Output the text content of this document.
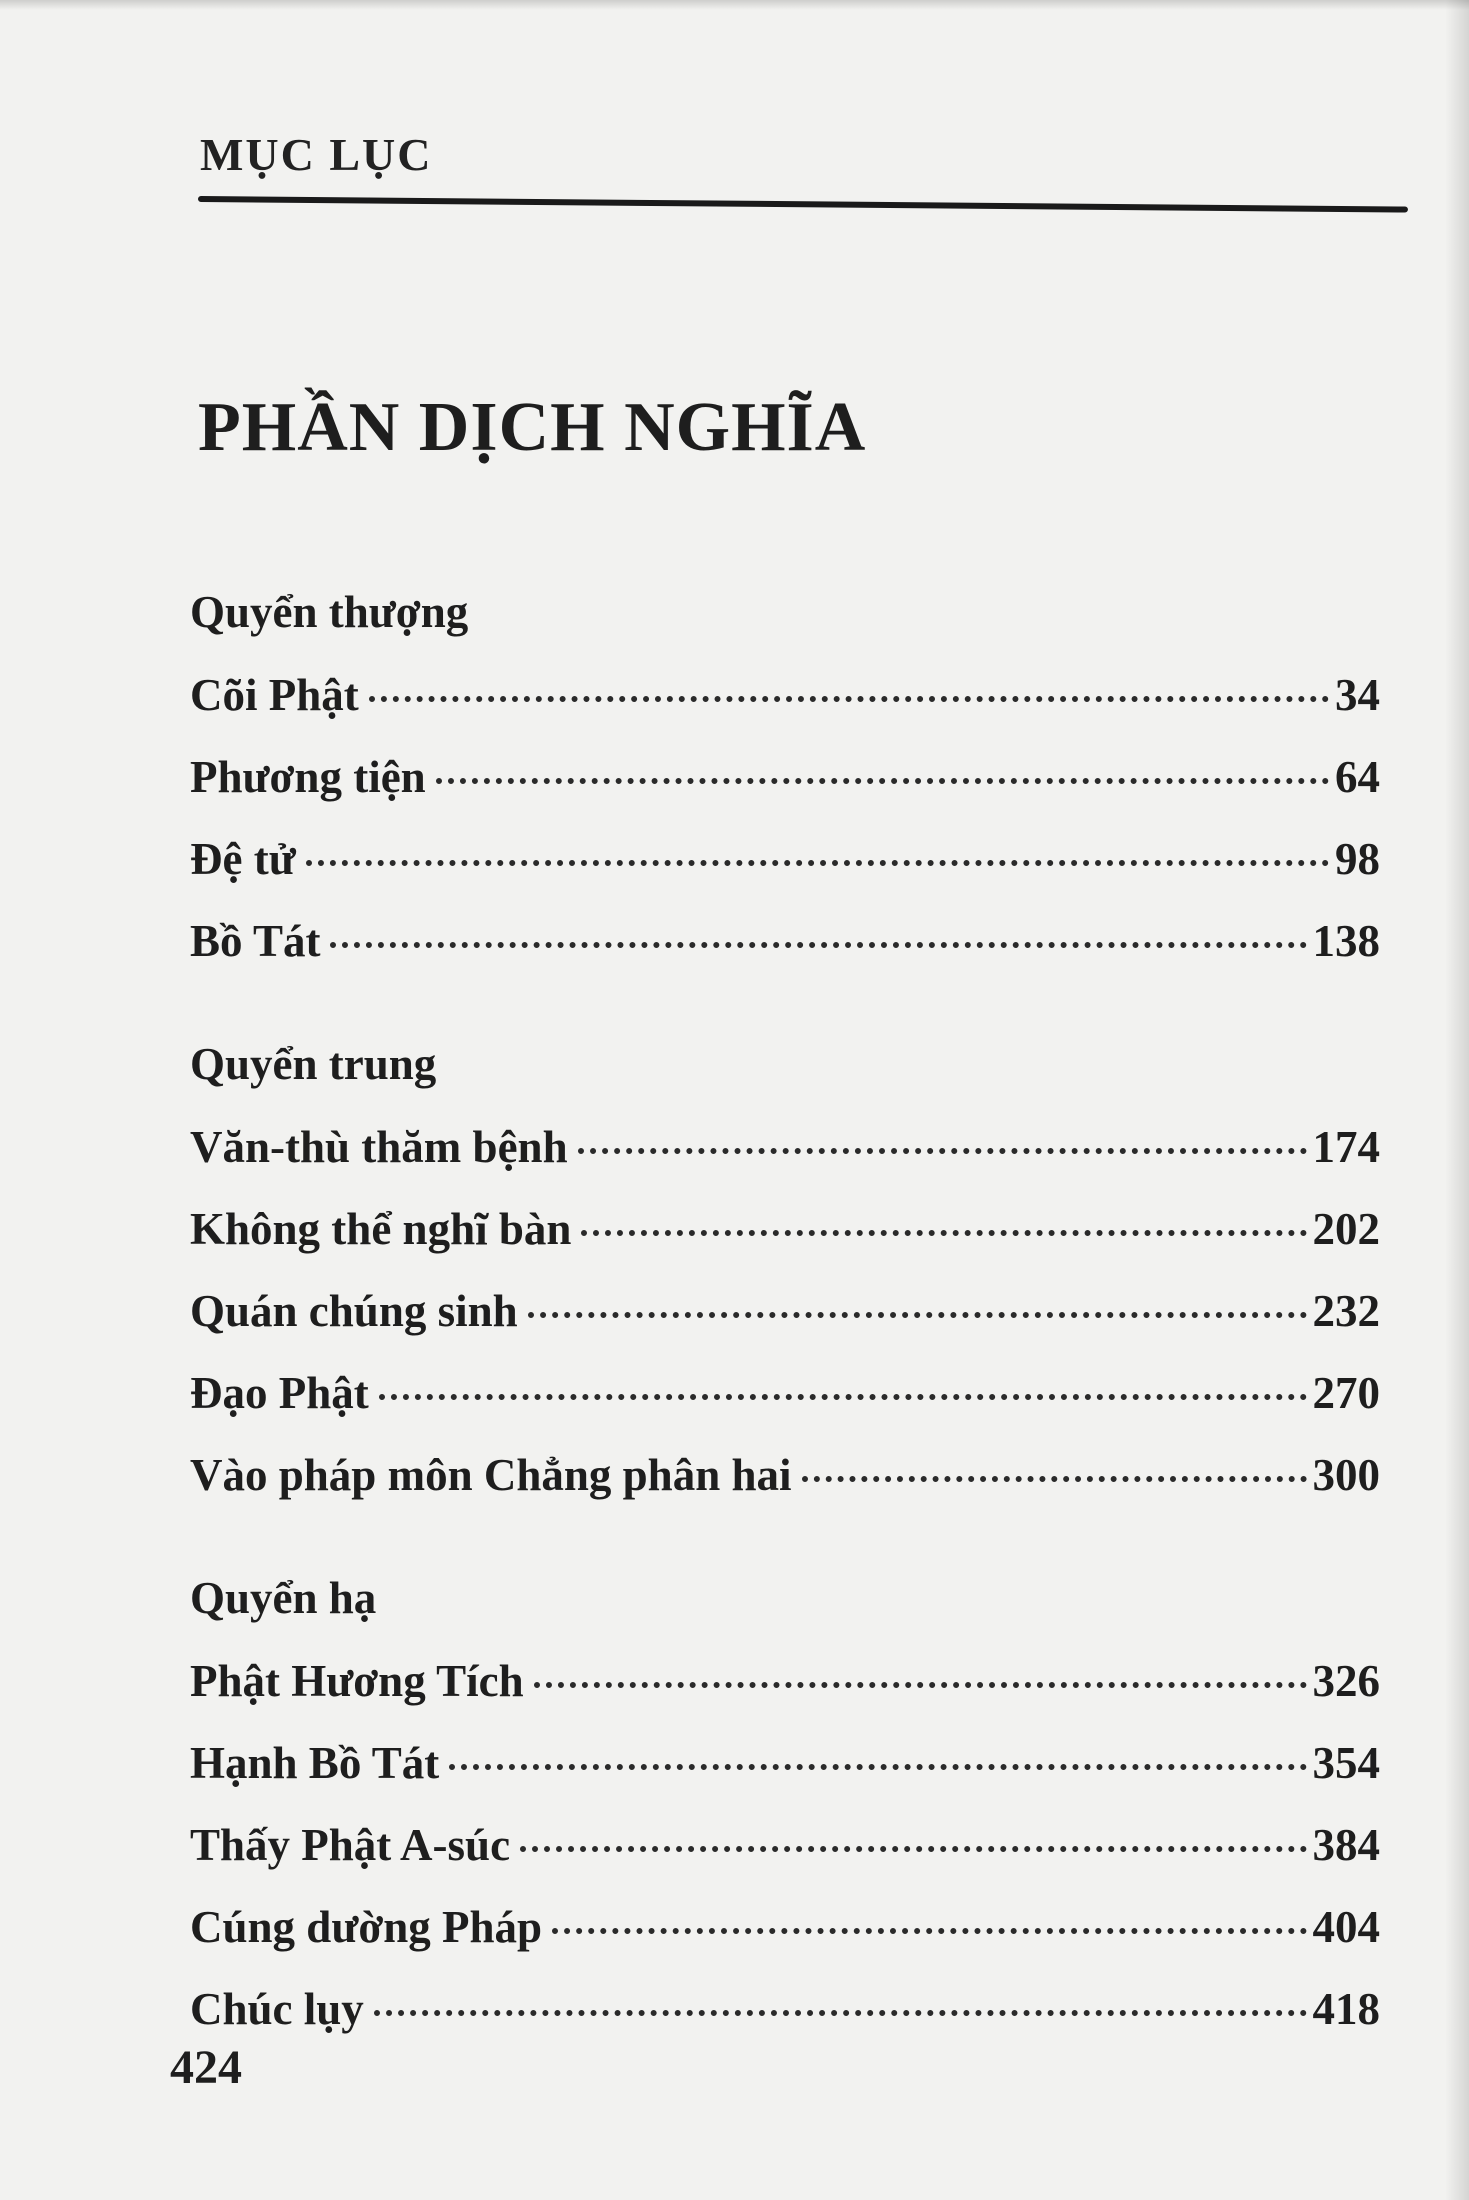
MỤC LỤC
PHẦN DỊCH NGHĨA
Quyển thượng
Cõi Phật	34
Phương tiện	64
Đệ tử	98
Bồ Tát	138
Quyển trung
Văn-thù thăm bệnh	174
Không thể nghĩ bàn	202
Quán chúng sinh	232
Đạo Phật	270
Vào pháp môn Chẳng phân hai	300
Quyển hạ
Phật Hương Tích	326
Hạnh Bồ Tát	354
Thấy Phật A-súc	384
Cúng dường Pháp	404
Chúc lụy	418
424
